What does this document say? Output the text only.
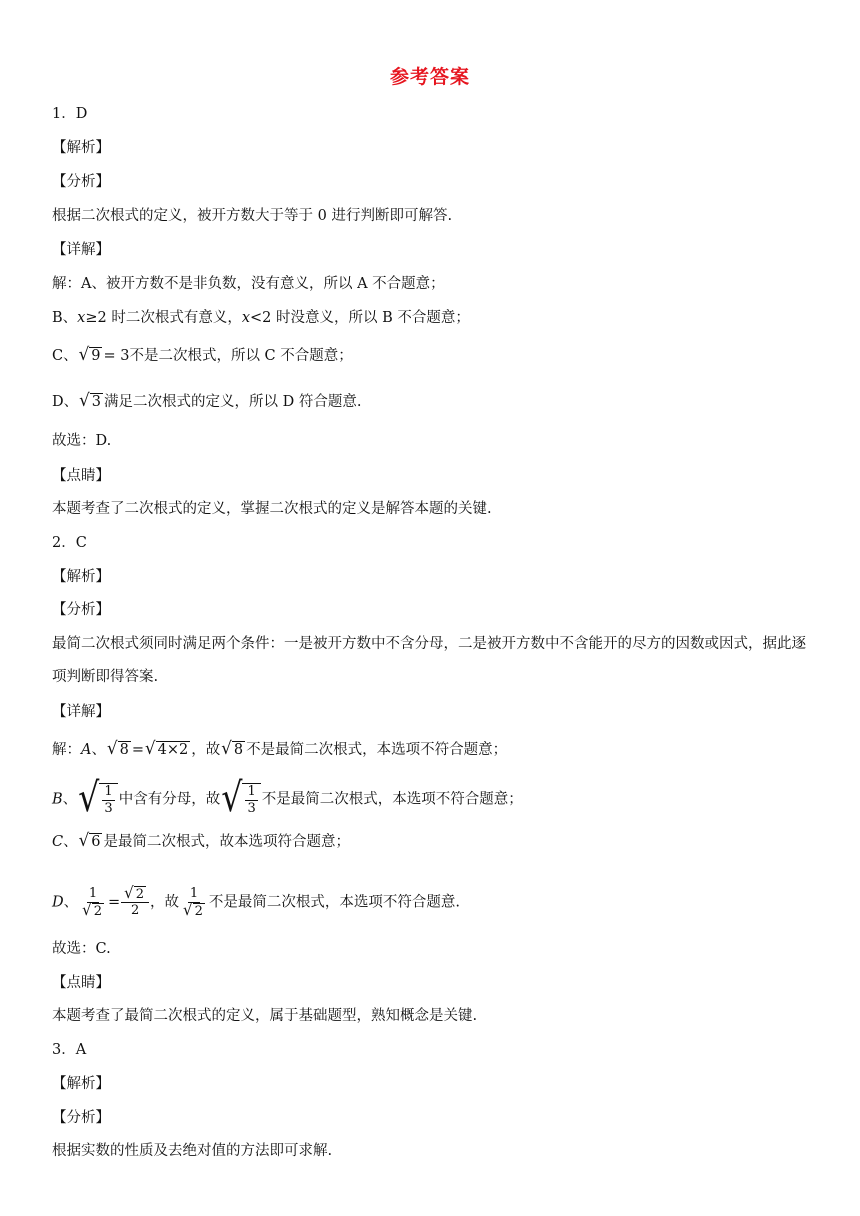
参考答案
1．D
【解析】
【分析】
根据二次根式的定义，被开方数大于等于 0 进行判断即可解答.
【详解】
解：A、被开方数不是非负数，没有意义，所以 A 不合题意；
B、x≥2 时二次根式有意义，x<2 时没意义，所以 B 不合题意；
C、 √ 9 = 3不是二次根式，所以 C 不合题意；
D、 √ 3 满足二次根式的定义，所以 D 符合题意.
故选：D.
【点睛】
本题考查了二次根式的定义，掌握二次根式的定义是解答本题的关键.
2．C
【解析】
【分析】
最简二次根式须同时满足两个条件：一是被开方数中不含分母，二是被开方数中不含能开的尽方的因数或因式，据此逐项判断即得答案.
【详解】
解：A、 √ 8 = √ 4×2 ，故 √ 8 不是最简二次根式，本选项不符合题意；
B、 √ $\frac{1}{3}$ 中含有分母，故 √ $\frac{1}{3}$ 不是最简二次根式，本选项不符合题意；
C、 √ 6 是最简二次根式，故本选项符合题意；
D、 $\frac{1}{√ 2} = \frac{√ 2}{2}$ ，故 $\frac{1}{√ 2}$ 不是最简二次根式，本选项不符合题意.
故选：C.
【点睛】
本题考查了最简二次根式的定义，属于基础题型，熟知概念是关键.
3．A
【解析】
【分析】
根据实数的性质及去绝对值的方法即可求解.
